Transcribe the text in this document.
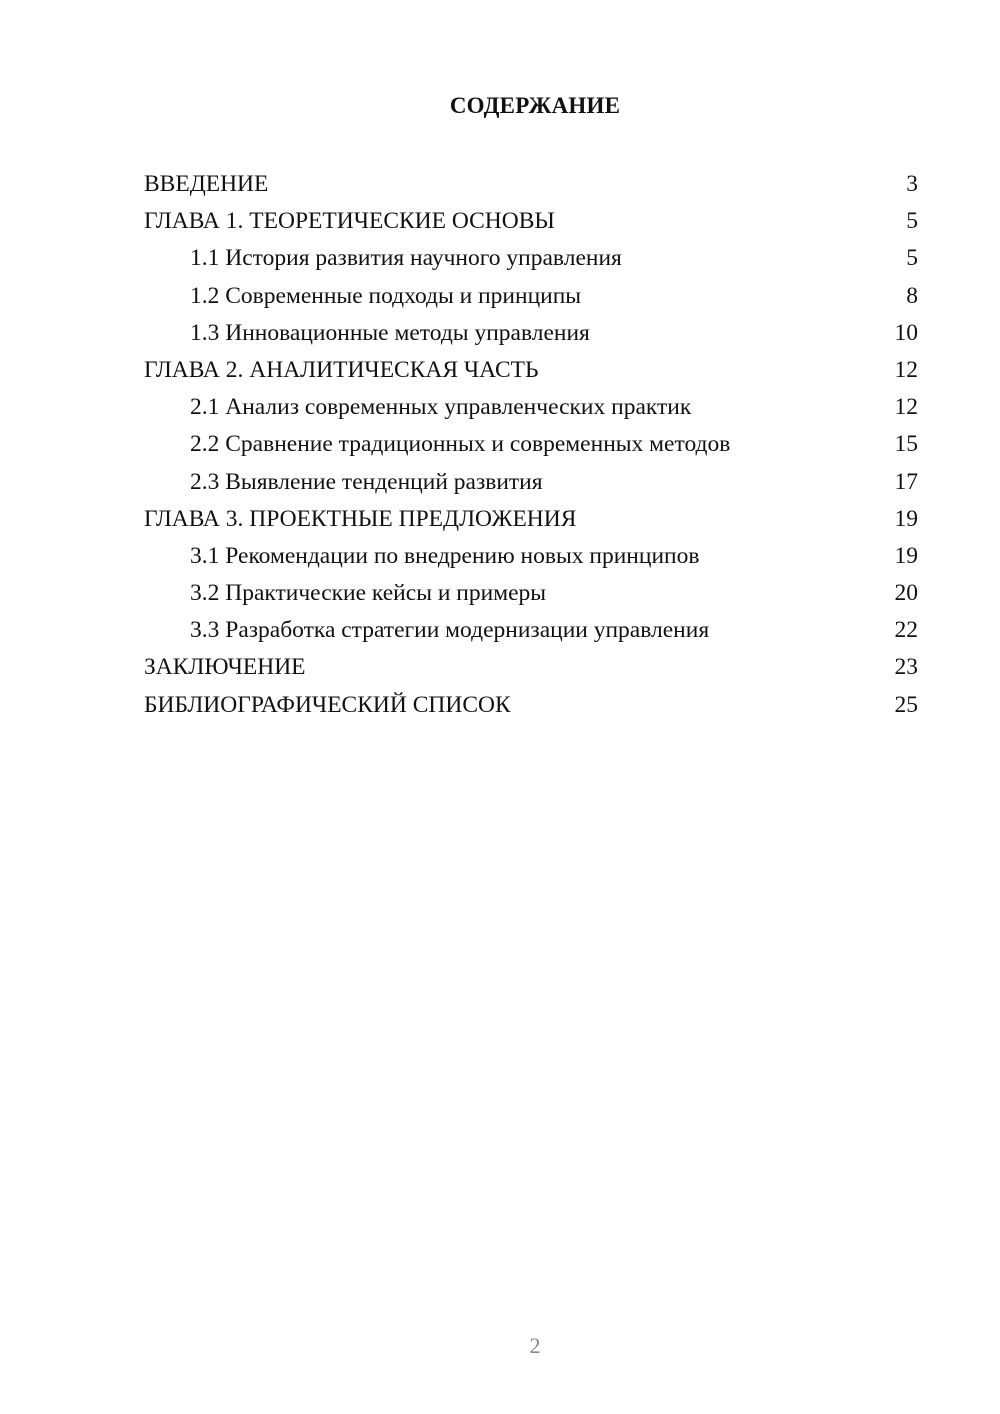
СОДЕРЖАНИЕ
ВВЕДЕНИЕ	3
ГЛАВА 1. ТЕОРЕТИЧЕСКИЕ ОСНОВЫ	5
1.1 История развития научного управления	5
1.2 Современные подходы и принципы	8
1.3 Инновационные методы управления	10
ГЛАВА 2. АНАЛИТИЧЕСКАЯ ЧАСТЬ	12
2.1 Анализ современных управленческих практик	12
2.2 Сравнение традиционных и современных методов	15
2.3 Выявление тенденций развития	17
ГЛАВА 3. ПРОЕКТНЫЕ ПРЕДЛОЖЕНИЯ	19
3.1 Рекомендации по внедрению новых принципов	19
3.2 Практические кейсы и примеры	20
3.3 Разработка стратегии модернизации управления	22
ЗАКЛЮЧЕНИЕ	23
БИБЛИОГРАФИЧЕСКИЙ СПИСОК	25
2
